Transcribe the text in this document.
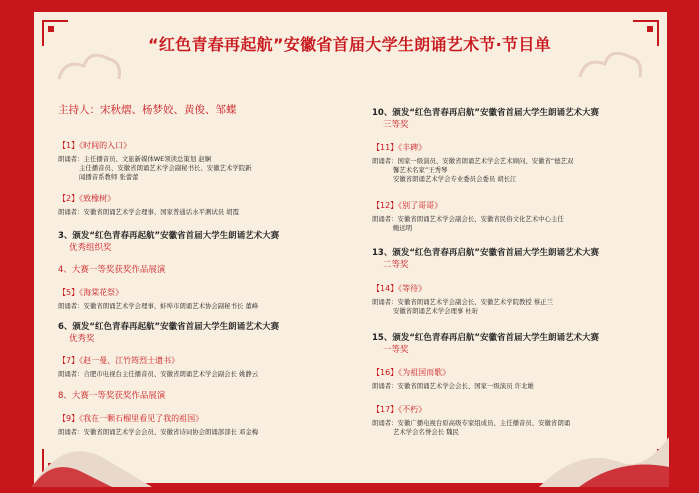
“红色青春再起航”安徽省首届大学生朗诵艺术节·节目单
主持人：宋秋熠、杨梦姣、黄俊、邹蝶
【1】《时间的入口》
朗诵者：主任播音员、文旅新媒体WE领读总策划 赵娴
主任播音员、安徽省朗诵艺术学会副秘书长、安徽艺术学院新
闻播音系教师 张蕾蕾
【2】《致橡树》
朗诵者：安徽省朗诵艺术学会理事、国家普通话水平测试员 胡霞
3、颁发“红色青春再起航”安徽省首届大学生朗诵艺术大赛
优秀组织奖
4、大赛一等奖获奖作品展演
【5】《海棠花祭》
朗诵者：安徽省朗诵艺术学会理事、蚌埠市朗诵艺术协会副秘书长 董峰
6、颁发“红色青春再起航”安徽省首届大学生朗诵艺术大赛
优秀奖
【7】《赵一曼、江竹筠烈士遗书》
朗诵者：合肥市电视台主任播音员、安徽省朗诵艺术学会副会长 姚静云
8、大赛一等奖获奖作品展演
【9】《我在一颗石榴里看见了我的祖国》
朗诵者：安徽省朗诵艺术学会会员、安徽省诗词协会朗诵部部长 邓金梅
10、颁发“红色青春再启航”安徽省首届大学生朗诵艺术大赛
三等奖
【11】《丰碑》
朗诵者：国家一级演员、安徽省朗诵艺术学会艺术顾问、安徽省“德艺双
馨艺术名家”王秀琴
安徽省朗诵艺术学会专业委员会委员 胡长江
【12】《别了哥哥》
朗诵者：安徽省朗诵艺术学会副会长、安徽省民俗文化艺术中心主任
鲍远明
13、颁发“红色青春再启航”安徽省首届大学生朗诵艺术大赛
二等奖
【14】《等待》
朗诵者：安徽省朗诵艺术学会副会长、安徽艺术学院教授 蔡正兰
安徽省朗诵艺术学会理事 杜珩
15、颁发“红色青春再启航”安徽省首届大学生朗诵艺术大赛
一等奖
【16】《为祖国而歌》
朗诵者：安徽省朗诵艺术学会会长、国家一级演员 许北雄
【17】《不朽》
朗诵者：安徽广播电视台原高级专家组成员、主任播音员、安徽省朗诵
艺术学会名誉会长 魏民
